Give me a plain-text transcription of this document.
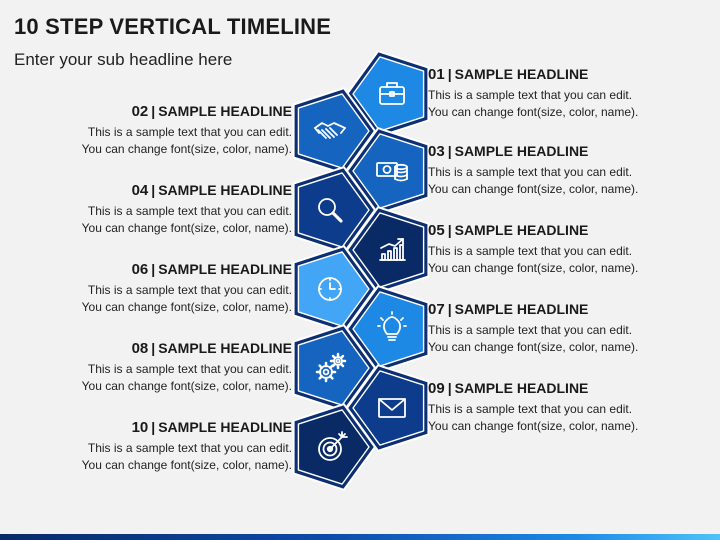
10 STEP VERTICAL TIMELINE
Enter your sub headline here
01 | SAMPLE HEADLINE
This is a sample text that you can edit.
You can change font(size, color, name).
02 | SAMPLE HEADLINE
This is a sample text that you can edit.
You can change font(size, color, name).	03 | SAMPLE HEADLINE
This is a sample text that you can edit.
You can change font(size, color, name).
04 | SAMPLE HEADLINE
This is a sample text that you can edit.
You can change font(size, color, name).	05 | SAMPLE HEADLINE
This is a sample text that you can edit.
You can change font(size, color, name).
06 | SAMPLE HEADLINE
This is a sample text that you can edit.
You can change font(size, color, name).	07 | SAMPLE HEADLINE
This is a sample text that you can edit.
You can change font(size, color, name).
08 | SAMPLE HEADLINE
This is a sample text that you can edit.
You can change font(size, color, name).	09 | SAMPLE HEADLINE
This is a sample text that you can edit.
You can change font(size, color, name).
10 | SAMPLE HEADLINE
This is a sample text that you can edit.
You can change font(size, color, name).
